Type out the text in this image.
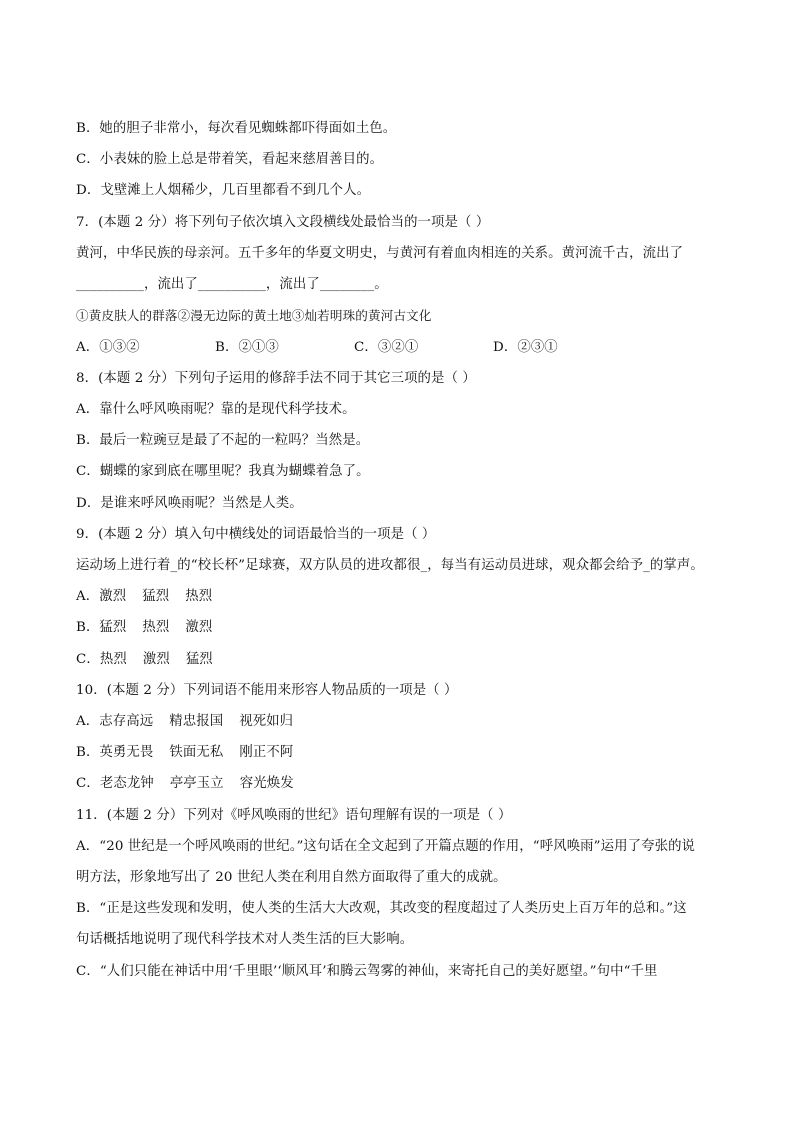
B．她的胆子非常小，每次看见蜘蛛都吓得面如土色。
C．小表妹的脸上总是带着笑，看起来慈眉善目的。
D．戈壁滩上人烟稀少，几百里都看不到几个人。
7．(本题 2 分）将下列句子依次填入文段横线处最恰当的一项是（ ）
黄河，中华民族的母亲河。五千多年的华夏文明史，与黄河有着血肉相连的关系。黄河流千古，流出了
__________，流出了__________，流出了________。
①黄皮肤人的群落②漫无边际的黄土地③灿若明珠的黄河古文化
A．①③②	B．②①③	C．③②①	D．②③①
8．(本题 2 分）下列句子运用的修辞手法不同于其它三项的是（ ）
A．靠什么呼风唤雨呢？靠的是现代科学技术。
B．最后一粒豌豆是最了不起的一粒吗？当然是。
C．蝴蝶的家到底在哪里呢？我真为蝴蝶着急了。
D．是谁来呼风唤雨呢？当然是人类。
9．(本题 2 分）填入句中横线处的词语最恰当的一项是（ ）
运动场上进行着_的“校长杯”足球赛，双方队员的进攻都很_，每当有运动员进球，观众都会给予_的掌声。
A．激烈 猛烈 热烈
B．猛烈 热烈 激烈
C．热烈 激烈 猛烈
10．(本题 2 分）下列词语不能用来形容人物品质的一项是（ ）
A．志存高远 精忠报国 视死如归
B．英勇无畏 铁面无私 刚正不阿
C．老态龙钟 亭亭玉立 容光焕发
11．(本题 2 分）下列对《呼风唤雨的世纪》语句理解有误的一项是（ ）
A．“20 世纪是一个呼风唤雨的世纪。”这句话在全文起到了开篇点题的作用，“呼风唤雨”运用了夸张的说
明方法，形象地写出了 20 世纪人类在利用自然方面取得了重大的成就。
B．“正是这些发现和发明，使人类的生活大大改观，其改变的程度超过了人类历史上百万年的总和。”这
句话概括地说明了现代科学技术对人类生活的巨大影响。
C．“人们只能在神话中用‘千里眼’‘顺风耳’和腾云驾雾的神仙，来寄托自己的美好愿望。”句中“千里
